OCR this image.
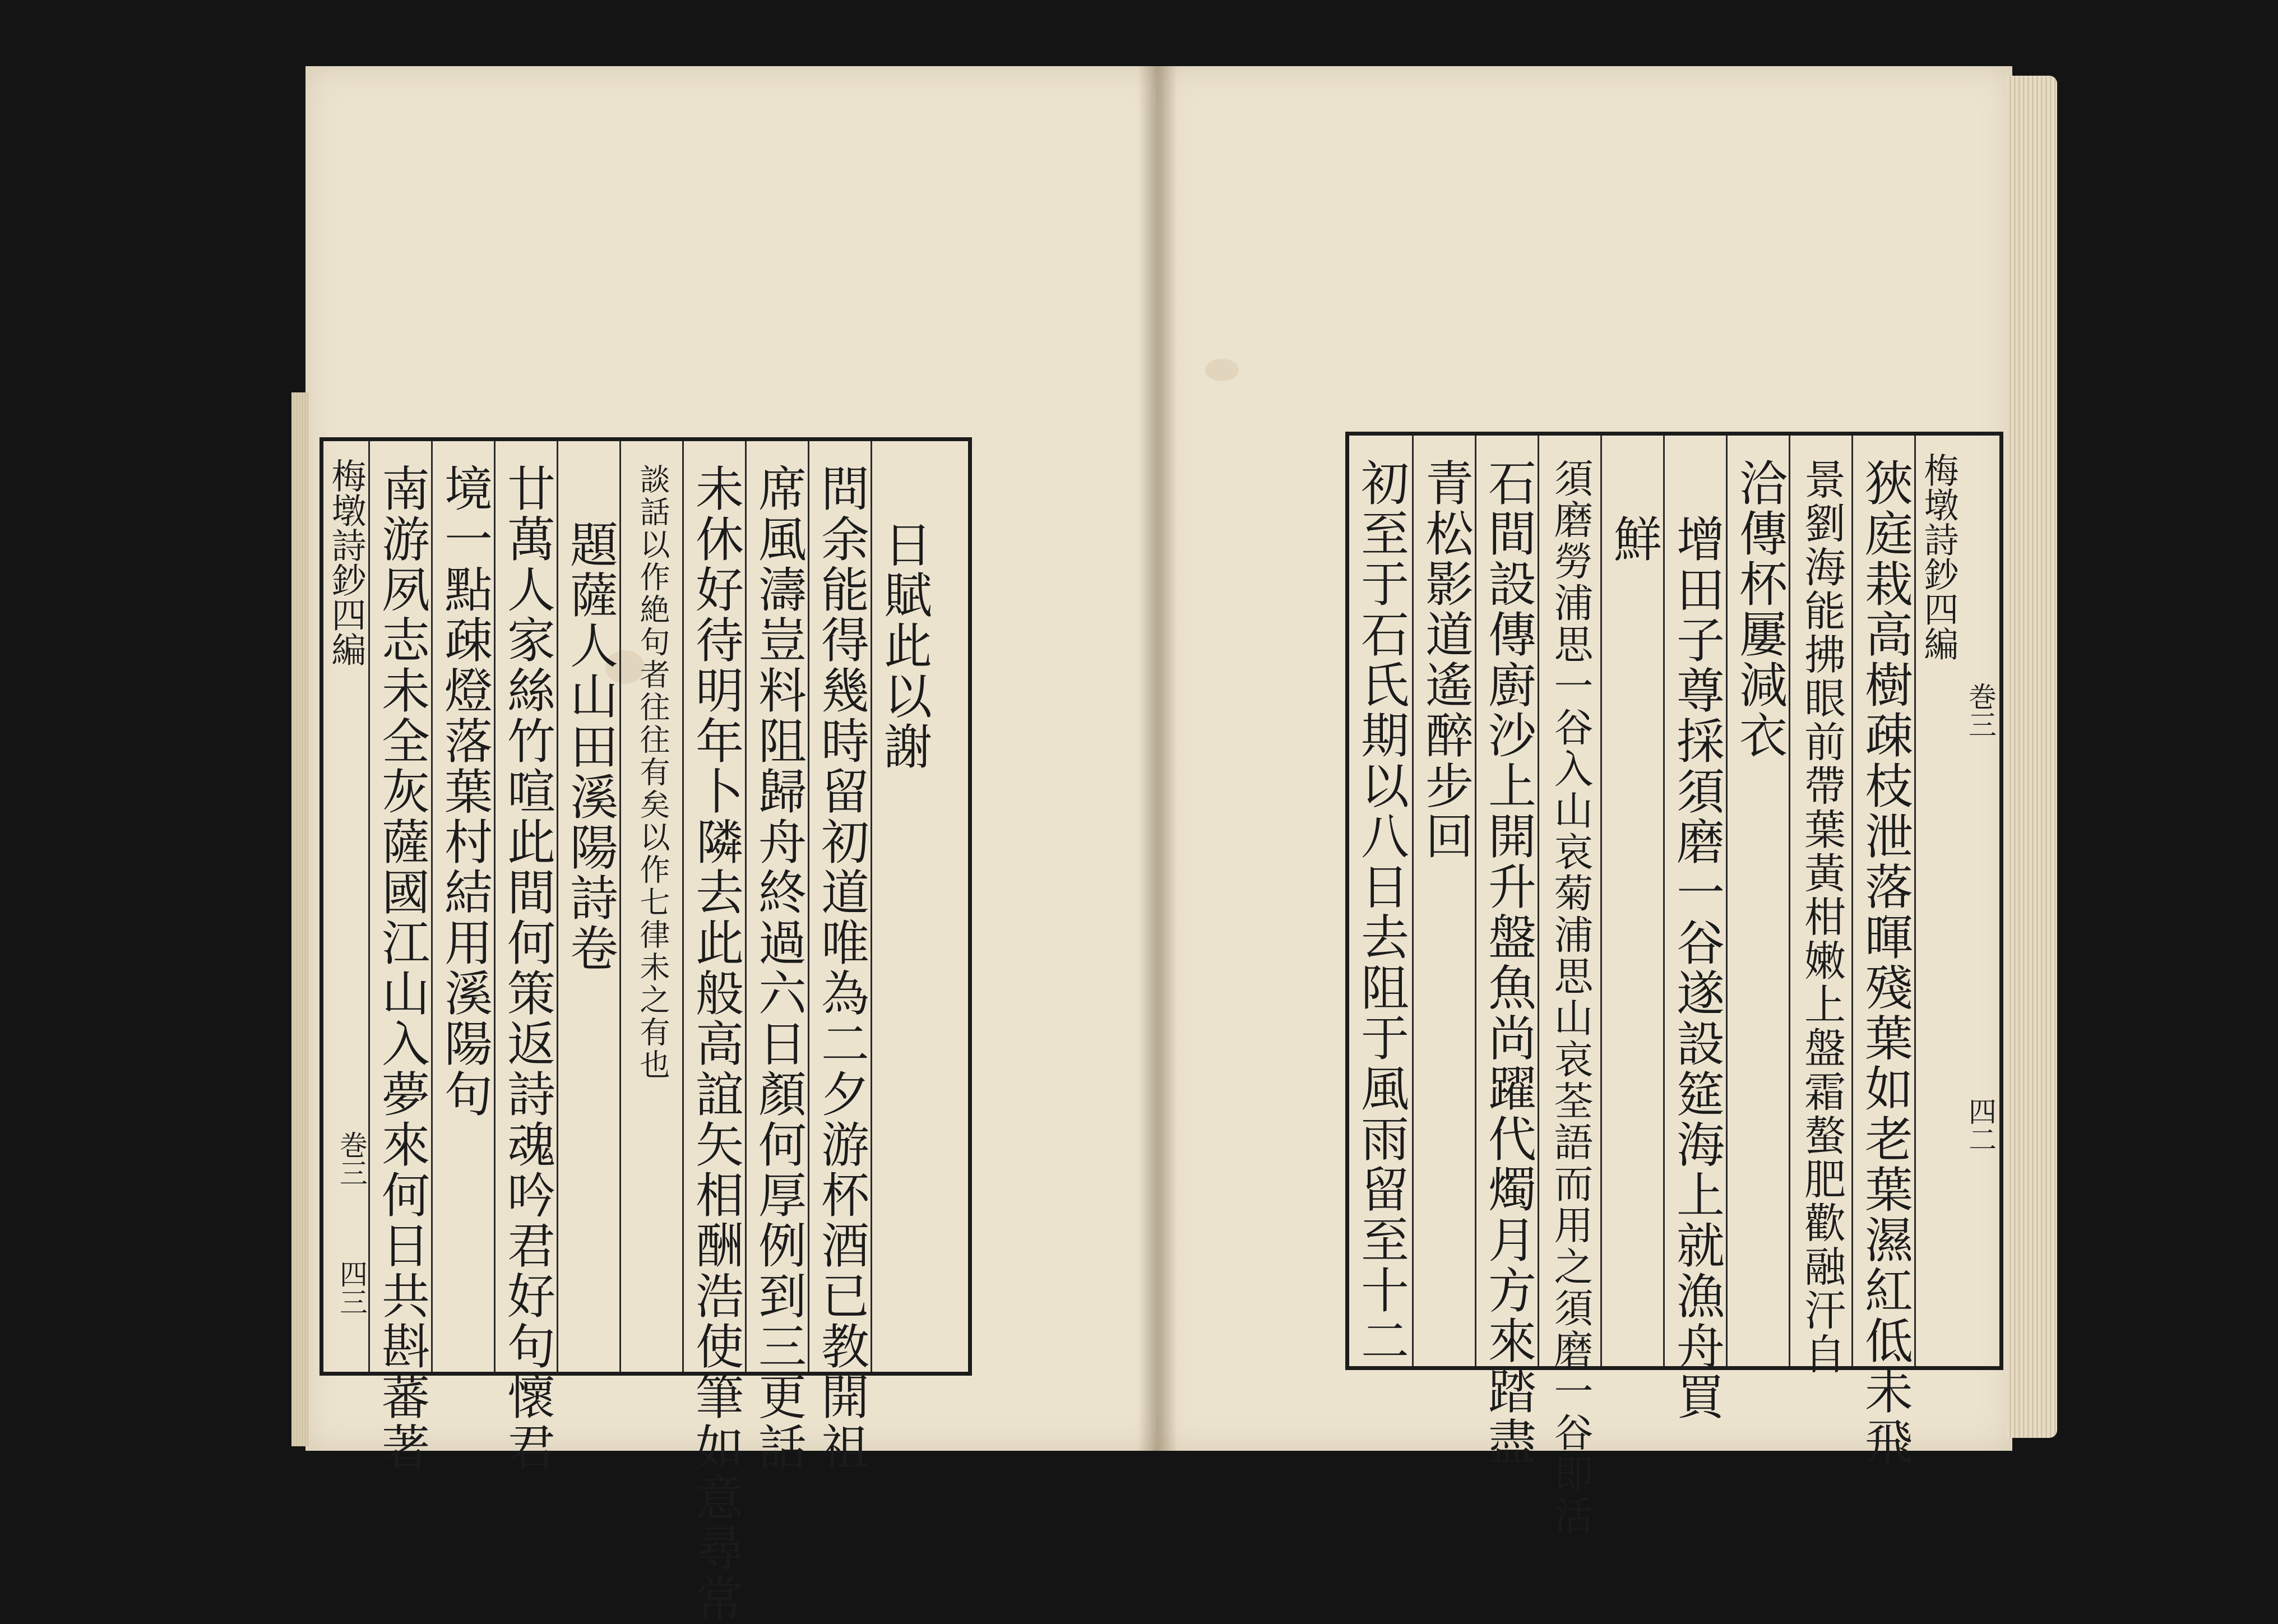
梅墩詩鈔四編
巻三
四三 南游夙志未全灰薩國江山入夢來何日共斟蕃著 境一點疎燈落葉村結用溪陽句 廿萬人家絲竹喧此間何策返詩魂吟君好句懷君 題薩人山田溪陽詩卷 談話以作絶句者往往有矣以作七律未之有也 未休好待明年卜隣去此般高誼矢相酬浩使筆如意尋常 席風濤豈料阻歸舟終過六日顏何厚例到三更話 問余能得幾時留初道唯為二夕游杯酒已教開祖 日賦此以謝	初至于石氏期以八日去阻于風雨留至十二 青松影道遙醉步回 石間設傳廚沙上開升盤魚尚躍代燭月方來踏盡 須磨勞浦思一谷入山哀菊浦思山哀荃語而用之須磨一谷即活 鮮 增田子尊採須磨一谷遂設筵海上就漁舟買 洽傳杯屢減衣 景劉海能拂眼前帶葉黃柑嫩上盤霜螯肥歡融汗自 狹庭栽高樹疎枝泄落暉殘葉如老葉濕紅低未飛 梅墩詩鈔四編
巻三
四二
